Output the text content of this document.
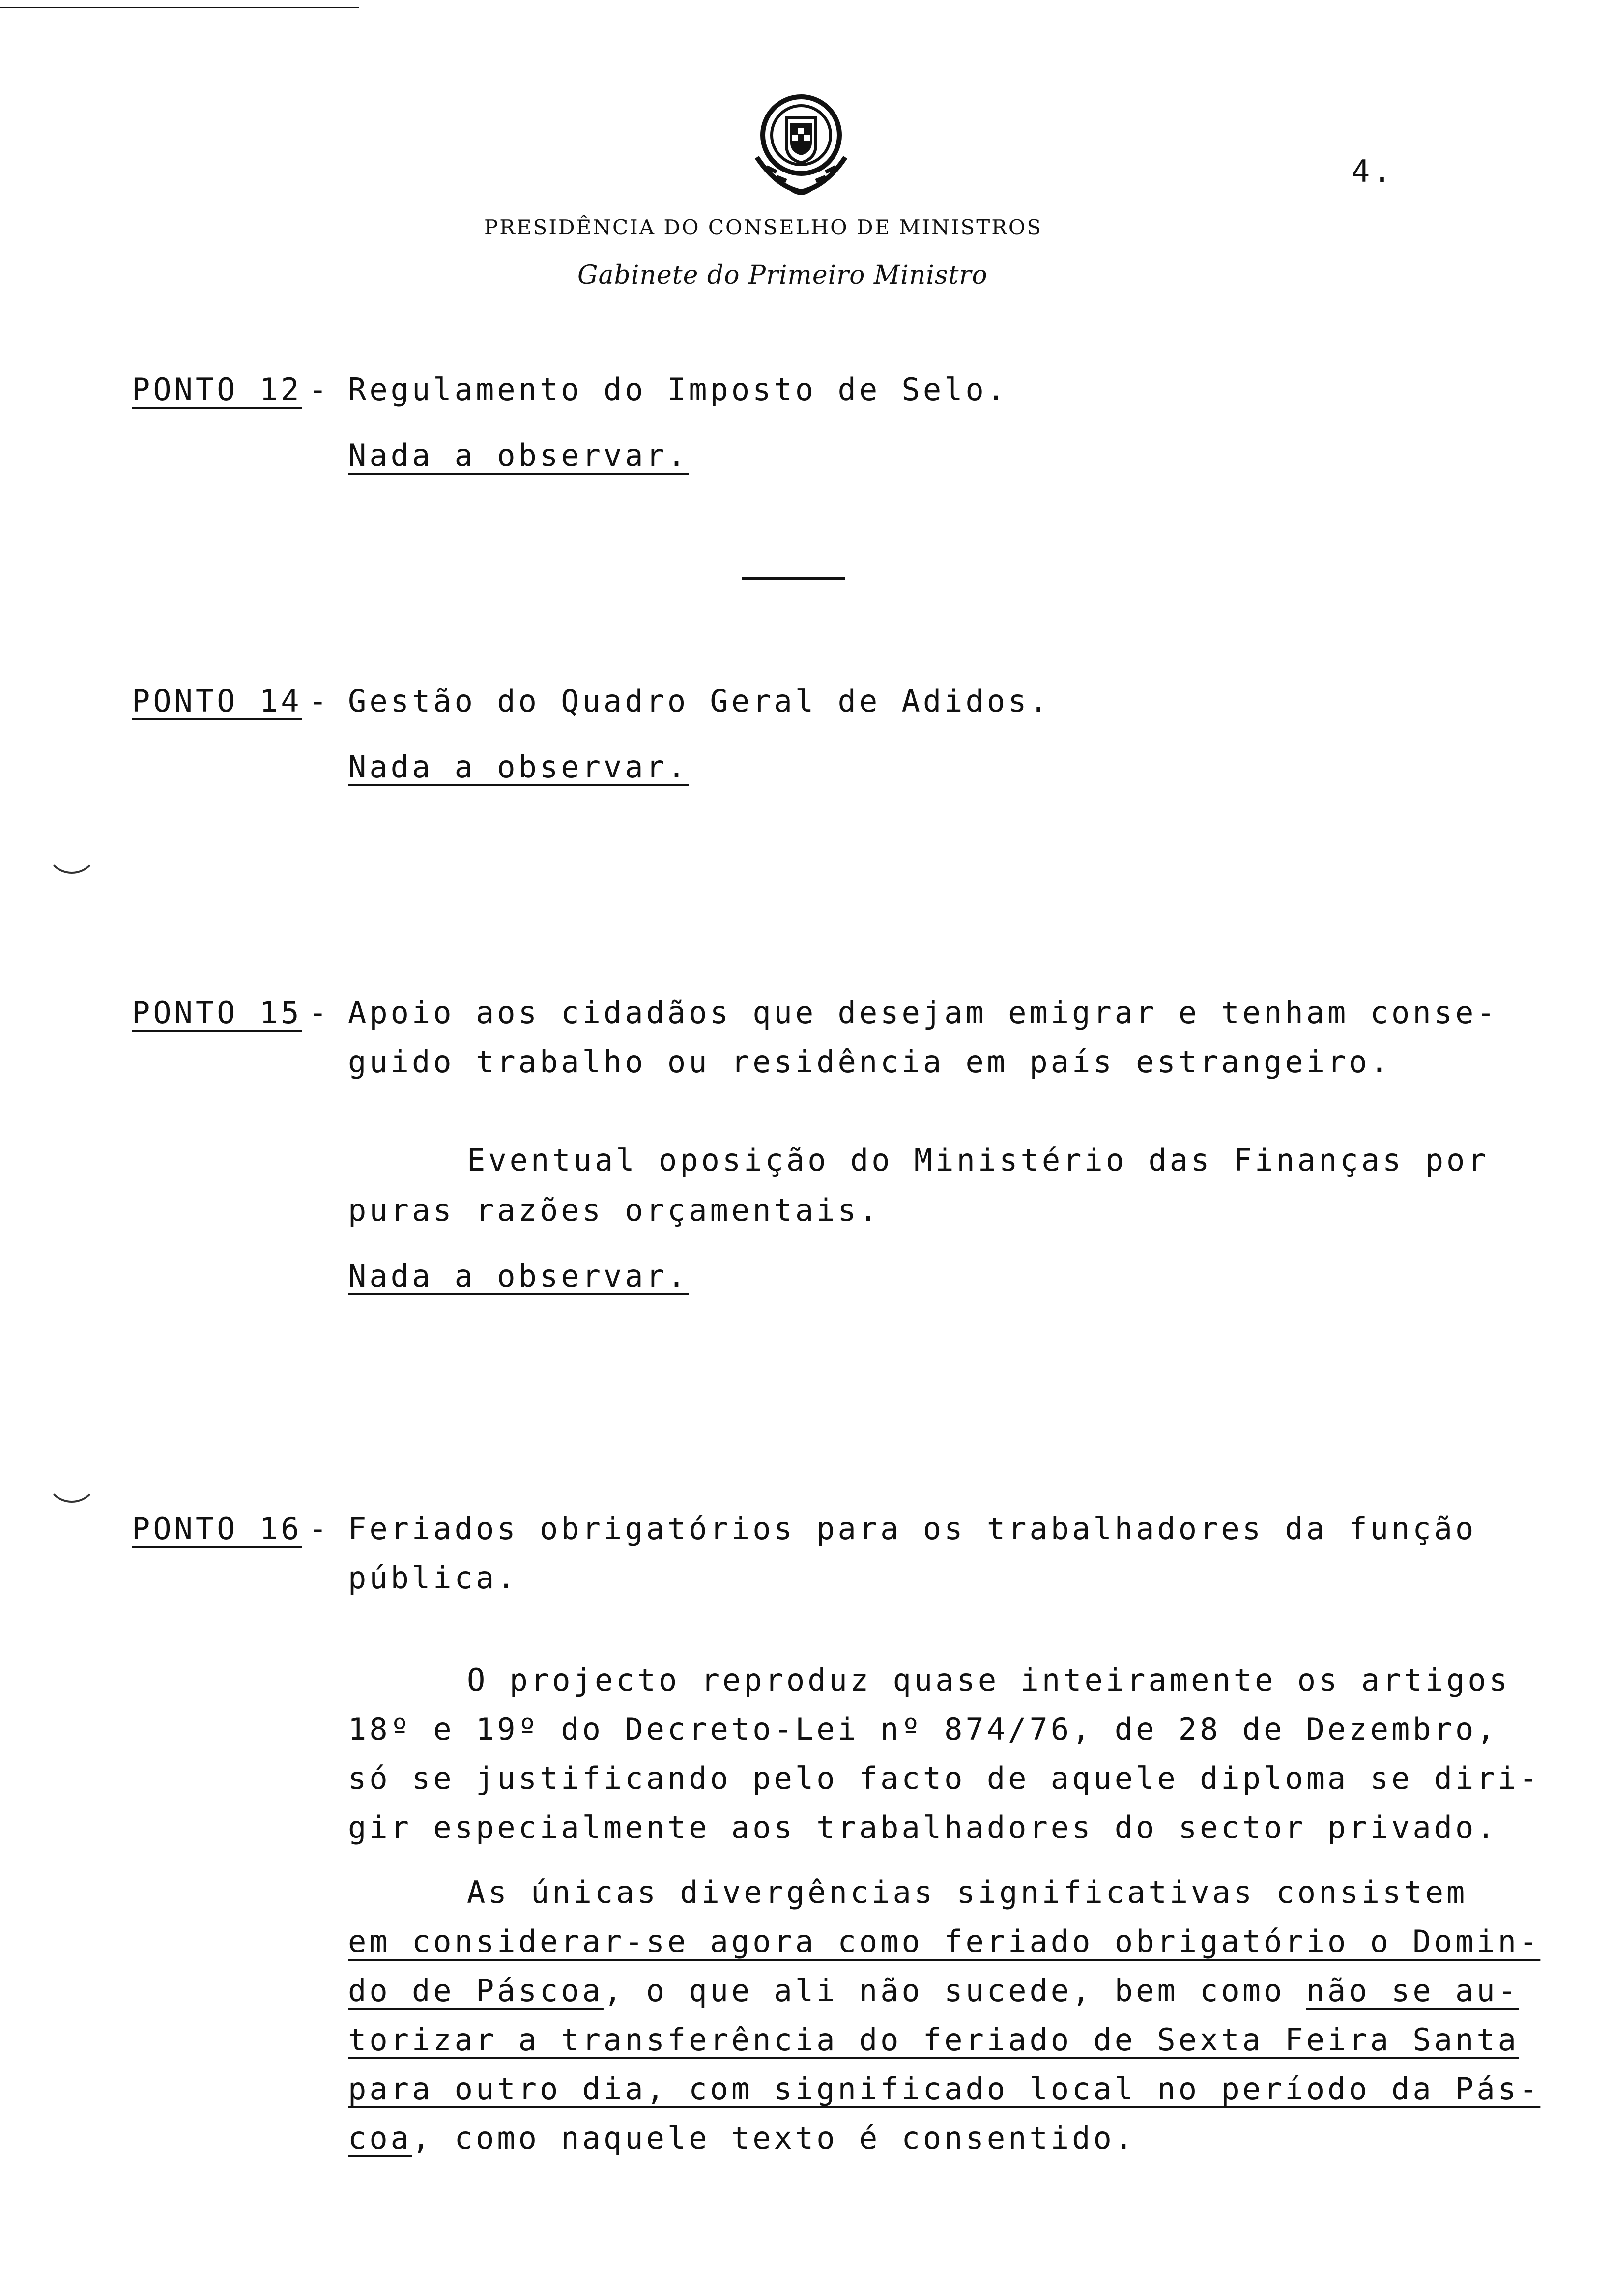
4.
PRESIDÊNCIA DO CONSELHO DE MINISTROS
Gabinete do Primeiro Ministro
PONTO 12 - Regulamento do Imposto de Selo.
Nada a observar.
PONTO 14 - Gestão do Quadro Geral de Adidos.
Nada a observar.
PONTO 15 - Apoio aos cidadãos que desejam emigrar e tenham conse-
guido trabalho ou residência em país estrangeiro.
Eventual oposição do Ministério das Finanças por
puras razões orçamentais.
Nada a observar.
PONTO 16 - Feriados obrigatórios para os trabalhadores da função
pública.
O projecto reproduz quase inteiramente os artigos
18º e 19º do Decreto-Lei nº 874/76, de 28 de Dezembro,
só se justificando pelo facto de aquele diploma se diri-
gir especialmente aos trabalhadores do sector privado.
As únicas divergências significativas consistem
em considerar-se agora como feriado obrigatório o Domin-
do de Páscoa, o que ali não sucede, bem como não se au-
torizar a transferência do feriado de Sexta Feira Santa
para outro dia, com significado local no período da Pás-
coa, como naquele texto é consentido.
